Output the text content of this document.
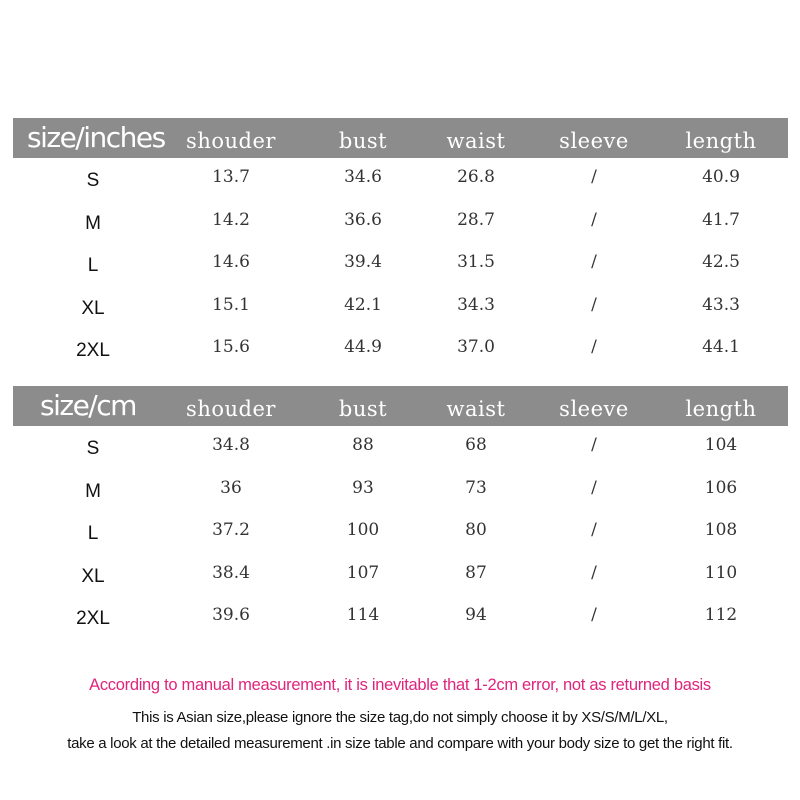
size/inches shouder	bust	waist	sleeve	length
S	13.7	34.6	26.8	/	40.9
M	14.2	36.6	28.7	/	41.7
L	14.6	39.4	31.5	/	42.5
XL	15.1	42.1	34.3	/	43.3
2XL	15.6	44.9	37.0	/	44.1
size/cm shouder	bust	waist	sleeve	length
S	34.8	88	68	/	104
M	36	93	73	/	106
L	37.2	100	80	/	108
XL	38.4	107	87	/	110
2XL	39.6	114	94	/	112
According to manual measurement, it is inevitable that 1-2cm error, not as returned basis
This is Asian size,please ignore the size tag,do not simply choose it by XS/S/M/L/XL,
take a look at the detailed measurement .in size table and compare with your body size to get the right fit.
